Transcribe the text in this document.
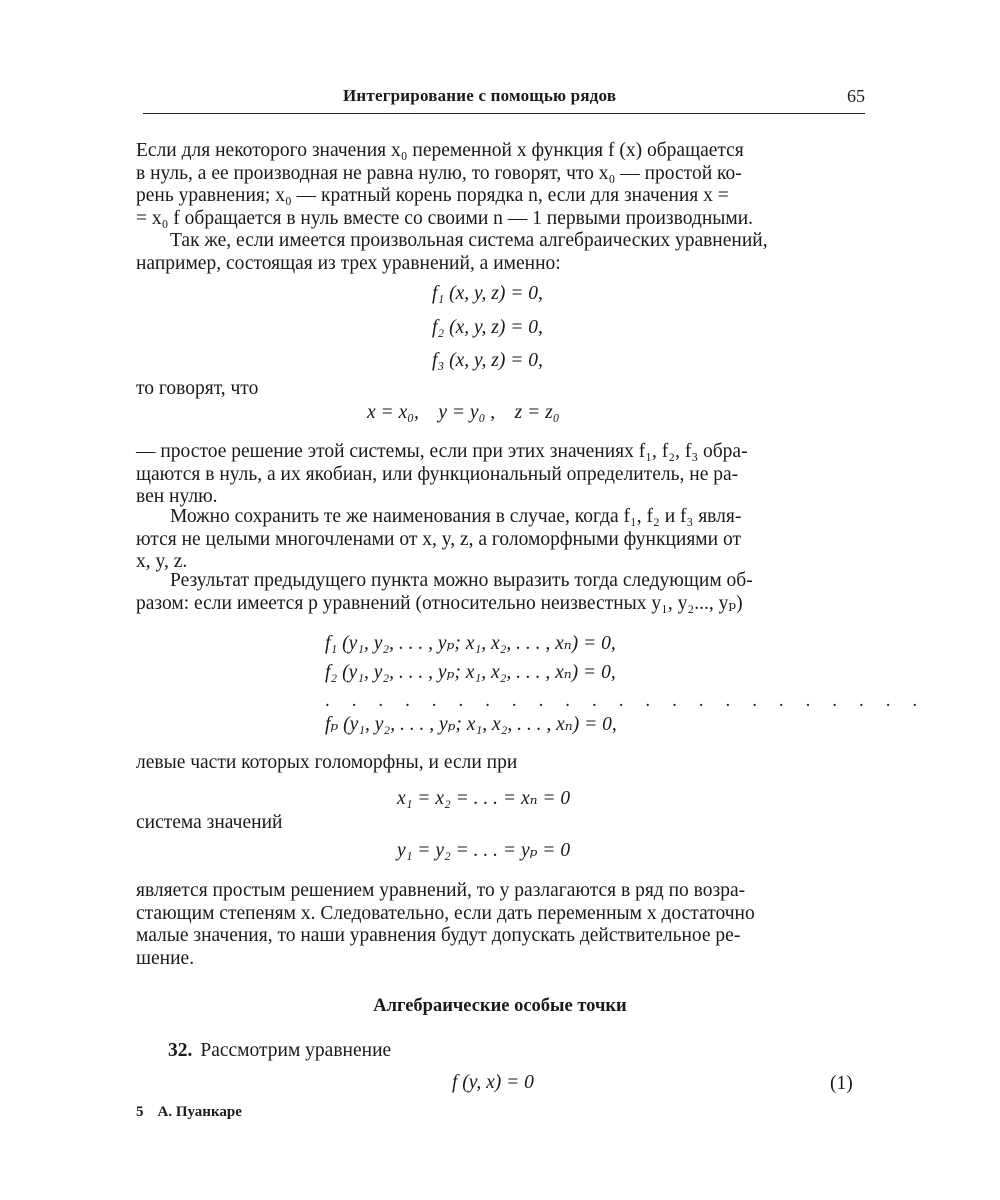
Интегрирование с помощью рядов	65
Если для некоторого значения x₀ переменной x функция f (x) обращается
в нуль, а ее производная не равна нулю, то говорят, что x₀ — простой ко-
рень уравнения; x₀ — кратный корень порядка n, если для значения x =
= x₀ f обращается в нуль вместе со своими n — 1 первыми производными.
Так же, если имеется произвольная система алгебраических уравнений,
например, состоящая из трех уравнений, а именно:
f₁ (x, y, z) = 0,
f₂ (x, y, z) = 0,
f₃ (x, y, z) = 0,
то говорят, что
x = x₀,    y = y₀ ,    z = z₀
— простое решение этой системы, если при этих значениях f₁, f₂, f₃ обра-
щаются в нуль, а их якобиан, или функциональный определитель, не ра-
вен нулю.
Можно сохранить те же наименования в случае, когда f₁, f₂ и f₃ явля-
ются не целыми многочленами от x, y, z, а голоморфными функциями от
x, y, z.
Результат предыдущего пункта можно выразить тогда следующим об-
разом: если имеется p уравнений (относительно неизвестных y₁, y₂..., yₚ)
f₁ (y₁, y₂, . . . , yₚ; x₁, x₂, . . . , xₙ) = 0,
f₂ (y₁, y₂, . . . , yₚ; x₁, x₂, . . . , xₙ) = 0,
. . . . . . . . . . . . . . . . . . . . . . .
fₚ (y₁, y₂, . . . , yₚ; x₁, x₂, . . . , xₙ) = 0,
левые части которых голоморфны, и если при
x₁ = x₂ = . . . = xₙ = 0
система значений
y₁ = y₂ = . . . = yₚ = 0
является простым решением уравнений, то y разлагаются в ряд по возра-
стающим степеням x. Следовательно, если дать переменным x достаточно
малые значения, то наши уравнения будут допускать действительное ре-
шение.
Алгебраические особые точки
32. Рассмотрим уравнение
f (y, x) = 0	(1)
5 А. Пуанкаре
